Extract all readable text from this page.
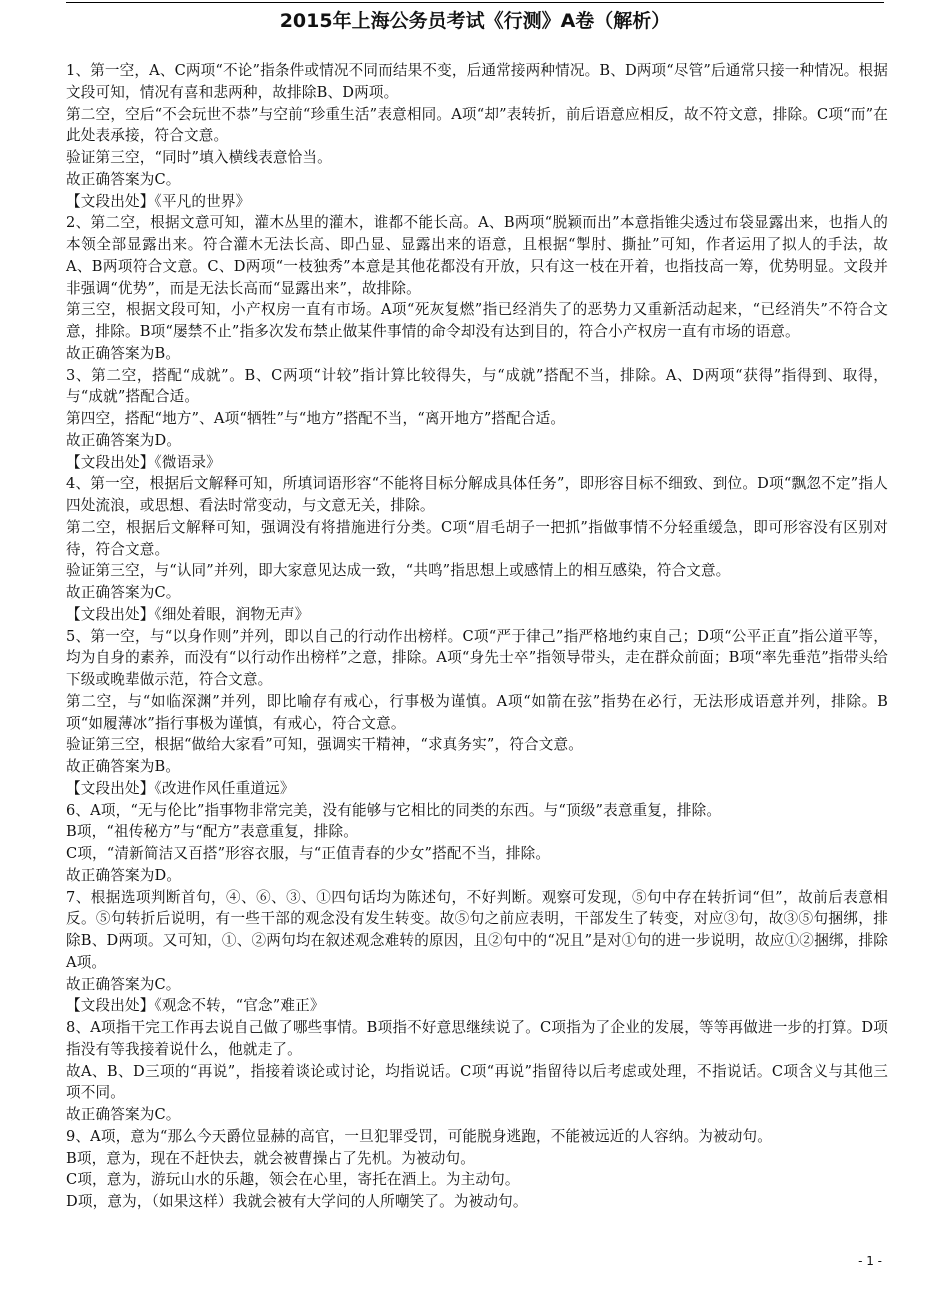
2015年上海公务员考试《行测》A卷（解析）

1、第一空，A、C两项“不论”指条件或情况不同而结果不变，后通常接两种情况。B、D两项“尽管”后通常只接一种情况。根据文段可知，情况有喜和悲两种，故排除B、D两项。

第二空，空后“不会玩世不恭”与空前“珍重生活”表意相同。A项“却”表转折，前后语意应相反，故不符文意，排除。C项“而”在此处表承接，符合文意。

验证第三空，“同时”填入横线表意恰当。

故正确答案为C。

【文段出处】《平凡的世界》

2、第二空，根据文意可知，灌木丛里的灌木，谁都不能长高。A、B两项“脱颖而出”本意指锥尖透过布袋显露出来，也指人的本领全部显露出来。符合灌木无法长高、即凸显、显露出来的语意，且根据“掣肘、撕扯”可知，作者运用了拟人的手法，故A、B两项符合文意。C、D两项“一枝独秀”本意是其他花都没有开放，只有这一枝在开着，也指技高一筹，优势明显。文段并非强调“优势”，而是无法长高而“显露出来”，故排除。

第三空，根据文段可知，小产权房一直有市场。A项“死灰复燃”指已经消失了的恶势力又重新活动起来，“已经消失”不符合文意，排除。B项“屡禁不止”指多次发布禁止做某件事情的命令却没有达到目的，符合小产权房一直有市场的语意。

故正确答案为B。

3、第二空，搭配“成就”。B、C两项“计较”指计算比较得失，与“成就”搭配不当，排除。A、D两项“获得”指得到、取得，与“成就”搭配合适。

第四空，搭配“地方”、A项“牺牲”与“地方”搭配不当，“离开地方”搭配合适。

故正确答案为D。

【文段出处】《微语录》

4、第一空，根据后文解释可知，所填词语形容“不能将目标分解成具体任务”，即形容目标不细致、到位。D项“飘忽不定”指人四处流浪，或思想、看法时常变动，与文意无关，排除。

第二空，根据后文解释可知，强调没有将措施进行分类。C项“眉毛胡子一把抓”指做事情不分轻重缓急，即可形容没有区别对待，符合文意。

验证第三空，与“认同”并列，即大家意见达成一致，“共鸣”指思想上或感情上的相互感染，符合文意。

故正确答案为C。

【文段出处】《细处着眼，润物无声》

5、第一空，与“以身作则”并列，即以自己的行动作出榜样。C项“严于律己”指严格地约束自己；D项“公平正直”指公道平等，均为自身的素养，而没有“以行动作出榜样”之意，排除。A项“身先士卒”指领导带头，走在群众前面；B项“率先垂范”指带头给下级或晚辈做示范，符合文意。

第二空，与“如临深渊”并列，即比喻存有戒心，行事极为谨慎。A项“如箭在弦”指势在必行，无法形成语意并列，排除。B项“如履薄冰”指行事极为谨慎，有戒心，符合文意。

验证第三空，根据“做给大家看”可知，强调实干精神，“求真务实”，符合文意。

故正确答案为B。

【文段出处】《改进作风任重道远》

6、A项，“无与伦比”指事物非常完美，没有能够与它相比的同类的东西。与“顶级”表意重复，排除。

B项，“祖传秘方”与“配方”表意重复，排除。

C项，“清新简洁又百搭”形容衣服，与“正值青春的少女”搭配不当，排除。

故正确答案为D。

7、根据选项判断首句，④、⑥、③、①四句话均为陈述句，不好判断。观察可发现，⑤句中存在转折词“但”，故前后表意相反。⑤句转折后说明，有一些干部的观念没有发生转变。故⑤句之前应表明，干部发生了转变，对应③句，故③⑤句捆绑，排除B、D两项。又可知，①、②两句均在叙述观念难转的原因，且②句中的“况且”是对①句的进一步说明，故应①②捆绑，排除A项。

故正确答案为C。

【文段出处】《观念不转，“官念”难正》

8、A项指干完工作再去说自己做了哪些事情。B项指不好意思继续说了。C项指为了企业的发展，等等再做进一步的打算。D项指没有等我接着说什么，他就走了。

故A、B、D三项的“再说”，指接着谈论或讨论，均指说话。C项“再说”指留待以后考虑或处理，不指说话。C项含义与其他三项不同。

故正确答案为C。

9、A项，意为“那么今天爵位显赫的高官，一旦犯罪受罚，可能脱身逃跑，不能被远近的人容纳。为被动句。

B项，意为，现在不赶快去，就会被曹操占了先机。为被动句。

C项，意为，游玩山水的乐趣，领会在心里，寄托在酒上。为主动句。

D项，意为，（如果这样）我就会被有大学问的人所嘲笑了。为被动句。

- 1 -
